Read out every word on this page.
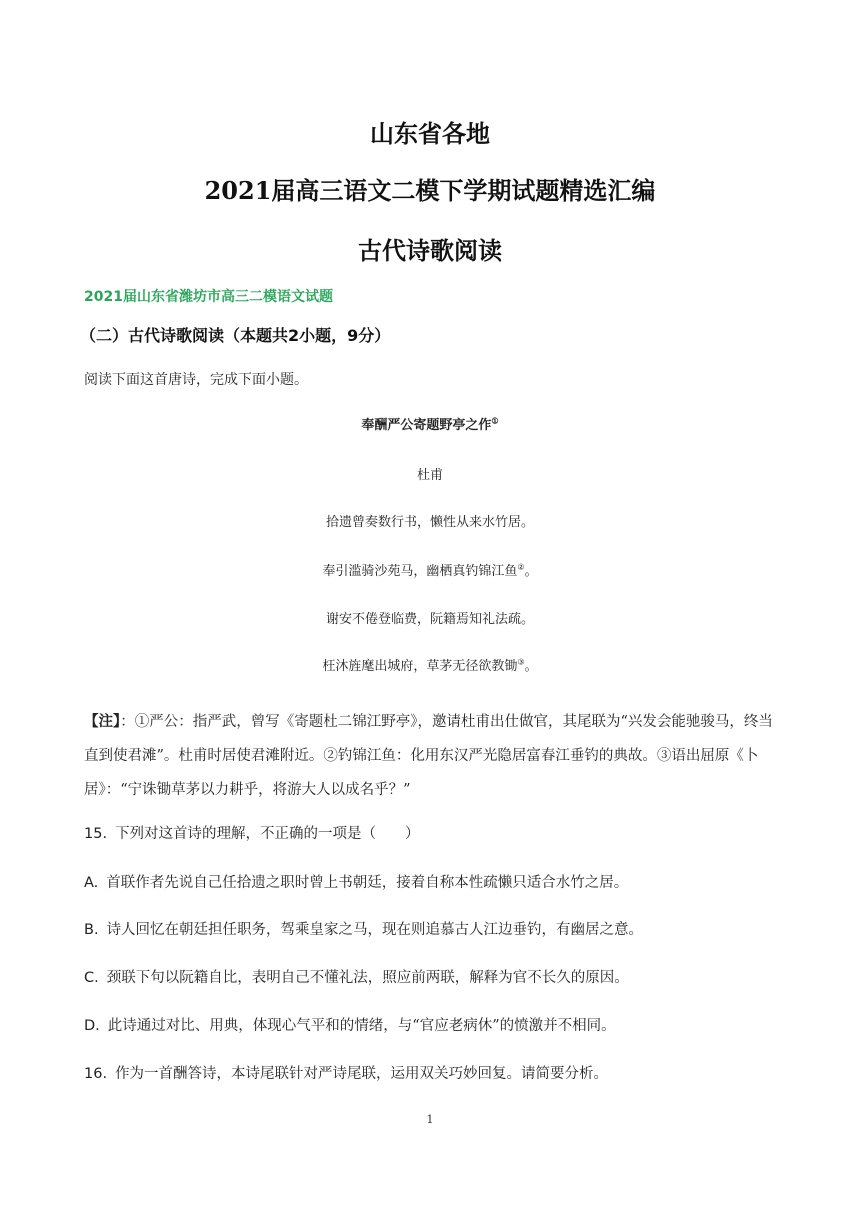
山东省各地
2021届高三语文二模下学期试题精选汇编
古代诗歌阅读
2021届山东省潍坊市高三二模语文试题
（二）古代诗歌阅读（本题共2小题，9分）
阅读下面这首唐诗，完成下面小题。
奉酬严公寄题野亭之作①
杜甫
拾遗曾奏数行书，懒性从来水竹居。
奉引滥骑沙苑马，幽栖真钓锦江鱼②。
谢安不倦登临费，阮籍焉知礼法疏。
枉沐旌麾出城府，草茅无径欲教锄③。
【注】：①严公：指严武，曾写《寄题杜二锦江野亭》，邀请杜甫出仕做官，其尾联为“兴发会能驰骏马，终当直到使君滩”。杜甫时居使君滩附近。②钓锦江鱼：化用东汉严光隐居富春江垂钓的典故。③语出屈原《卜居》：“宁诛锄草茅以力耕乎，将游大人以成名乎？”
15. 下列对这首诗的理解，不正确的一项是（　　）
A. 首联作者先说自己任拾遗之职时曾上书朝廷，接着自称本性疏懒只适合水竹之居。
B. 诗人回忆在朝廷担任职务，驾乘皇家之马，现在则追慕古人江边垂钓，有幽居之意。
C. 颈联下句以阮籍自比，表明自己不懂礼法，照应前两联，解释为官不长久的原因。
D. 此诗通过对比、用典，体现心气平和的情绪，与“官应老病休”的愤激并不相同。
16. 作为一首酬答诗，本诗尾联针对严诗尾联，运用双关巧妙回复。请简要分析。
1
